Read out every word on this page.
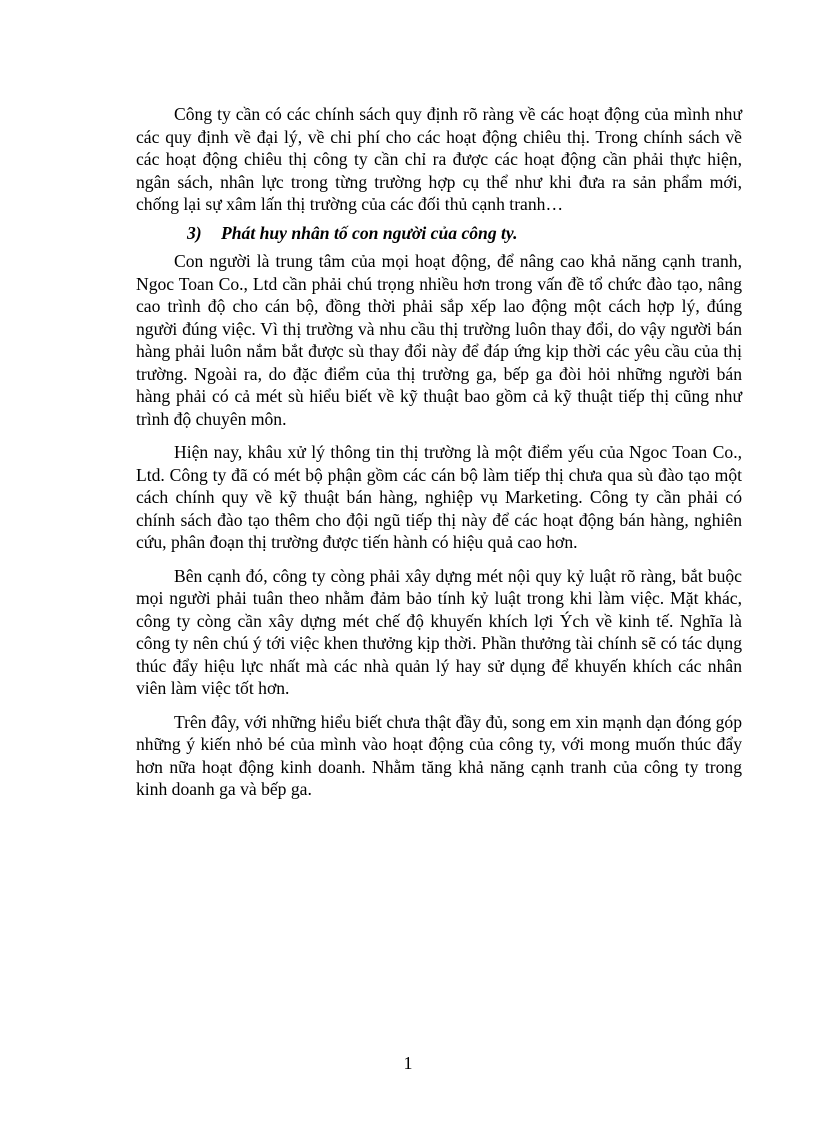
Công ty cần có các chính sách quy định rõ ràng về các hoạt động của mình như các quy định về đại lý, về chi phí cho các hoạt động chiêu thị. Trong chính sách về các hoạt động chiêu thị công ty cần chỉ ra được các hoạt động cần phải thực hiện, ngân sách, nhân lực trong từng trường hợp cụ thể như khi đưa ra sản phẩm mới, chống lại sự xâm lấn thị trường của các đối thủ cạnh tranh…

3) Phát huy nhân tố con người của công ty.

Con người là trung tâm của mọi hoạt động, để nâng cao khả năng cạnh tranh, Ngoc Toan Co., Ltd cần phải chú trọng nhiều hơn trong vấn đề tổ chức đào tạo, nâng cao trình độ cho cán bộ, đồng thời phải sắp xếp lao động một cách hợp lý, đúng người đúng việc. Vì thị trường và nhu cầu thị trường luôn thay đổi, do vậy người bán hàng phải luôn nắm bắt được sù thay đổi này để đáp ứng kịp thời các yêu cầu của thị trường. Ngoài ra, do đặc điểm của thị trường ga, bếp ga đòi hỏi những người bán hàng phải có cả mét sù hiểu biết về kỹ thuật bao gồm cả kỹ thuật tiếp thị cũng như trình độ chuyên môn.

Hiện nay, khâu xử lý thông tin thị trường là một điểm yếu của Ngoc Toan Co., Ltd. Công ty đã có mét bộ phận gồm các cán bộ làm tiếp thị chưa qua sù đào tạo một cách chính quy về kỹ thuật bán hàng, nghiệp vụ Marketing. Công ty cần phải có chính sách đào tạo thêm cho đội ngũ tiếp thị này để các hoạt động bán hàng, nghiên cứu, phân đoạn thị trường được tiến hành có hiệu quả cao hơn.

Bên cạnh đó, công ty còng phải xây dựng mét nội quy kỷ luật rõ ràng, bắt buộc mọi người phải tuân theo nhằm đảm bảo tính kỷ luật trong khi làm việc. Mặt khác, công ty còng cần xây dựng mét chế độ khuyến khích lợi Ých về kinh tế. Nghĩa là công ty nên chú ý tới việc khen thưởng kịp thời. Phần thưởng tài chính sẽ có tác dụng thúc đẩy hiệu lực nhất mà các nhà quản lý hay sử dụng để khuyến khích các nhân viên làm việc tốt hơn.

Trên đây, với những hiểu biết chưa thật đầy đủ, song em xin mạnh dạn đóng góp những ý kiến nhỏ bé của mình vào hoạt động của công ty, với mong muốn thúc đẩy hơn nữa hoạt động kinh doanh. Nhằm tăng khả năng cạnh tranh của công ty trong kinh doanh ga và bếp ga.

1
